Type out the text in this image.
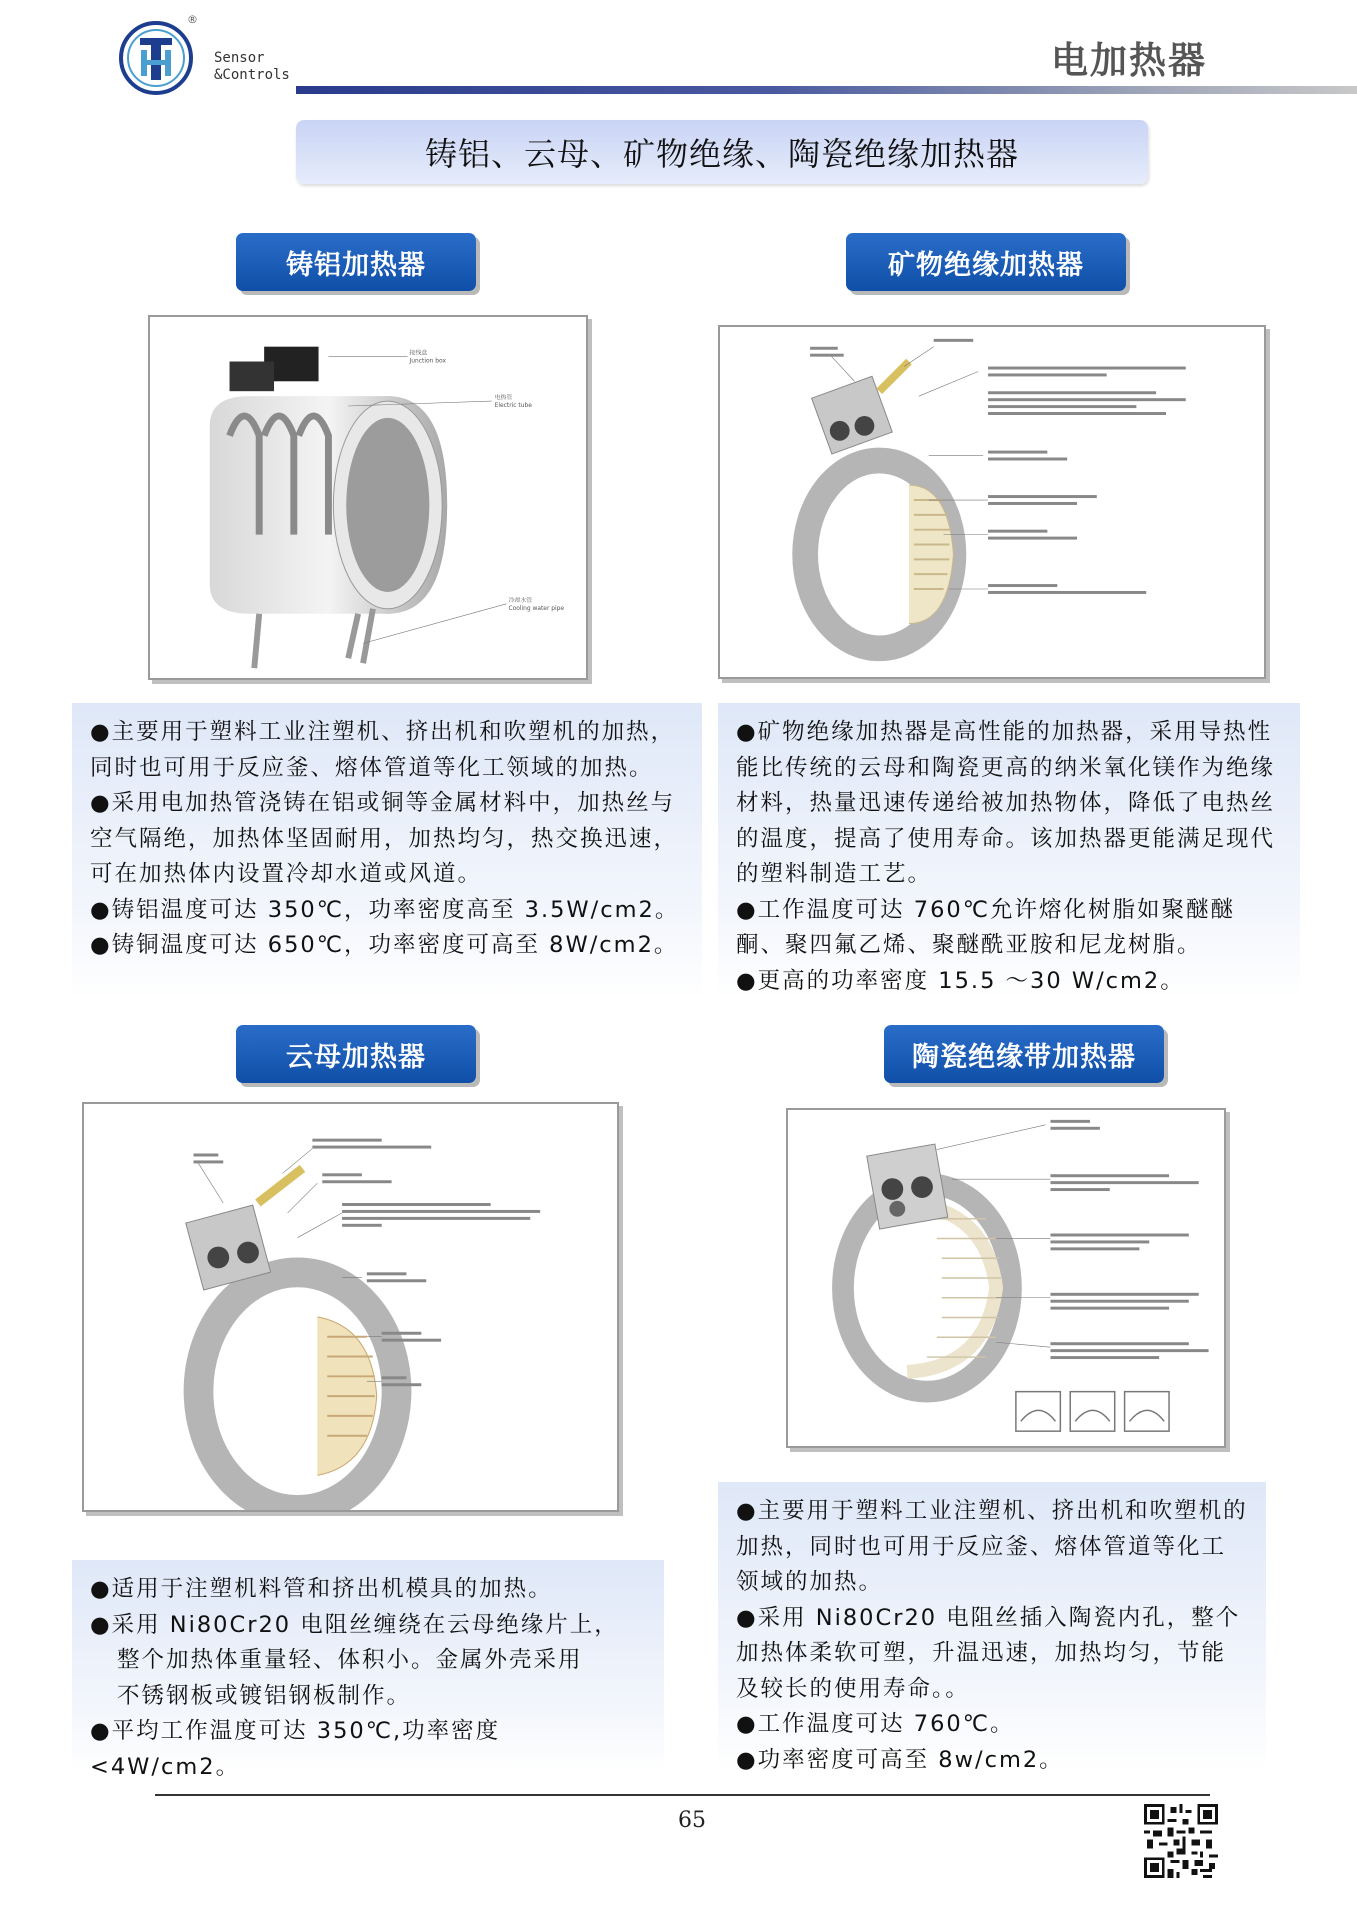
®
Sensor
&Controls	电加热器
铸铝、云母、矿物绝缘、陶瓷绝缘加热器
铸铝加热器
接线盒
Junction box
电热管
Electric tube
冷却水管
Cooling water pipe

●主要用于塑料工业注塑机、挤出机和吹塑机的加热，同时也可用于反应釜、熔体管道等化工领域的加热。

●采用电加热管浇铸在铝或铜等金属材料中，加热丝与空气隔绝，加热体坚固耐用，加热均匀，热交换迅速，可在加热体内设置冷却水道或风道。

●铸铝温度可达 350℃，功率密度高至 3.5W/cm2。

●铸铜温度可达 650℃，功率密度可高至 8W/cm2。

矿物绝缘加热器

●矿物绝缘加热器是高性能的加热器，采用导热性能比传统的云母和陶瓷更高的纳米氧化镁作为绝缘材料，热量迅速传递给被加热物体，降低了电热丝的温度，提高了使用寿命。该加热器更能满足现代的塑料制造工艺。

●工作温度可达 760℃允许熔化树脂如聚醚醚酮、聚四氟乙烯、聚醚酰亚胺和尼龙树脂。

●更高的功率密度 15.5 ～30 W/cm2。

云母加热器

●适用于注塑机料管和挤出机模具的加热。

●采用 Ni80Cr20 电阻丝缠绕在云母绝缘片上，

整个加热体重量轻、体积小。金属外壳采用

不锈钢板或镀铝钢板制作。

●平均工作温度可达 350℃,功率密度<4W/cm2。

陶瓷绝缘带加热器

●主要用于塑料工业注塑机、挤出机和吹塑机的加热，同时也可用于反应釜、熔体管道等化工领域的加热。

●采用 Ni80Cr20 电阻丝插入陶瓷内孔，整个加热体柔软可塑，升温迅速，加热均匀，节能及较长的使用寿命。。

●工作温度可达 760℃。

●功率密度可高至 8w/cm2。

65
